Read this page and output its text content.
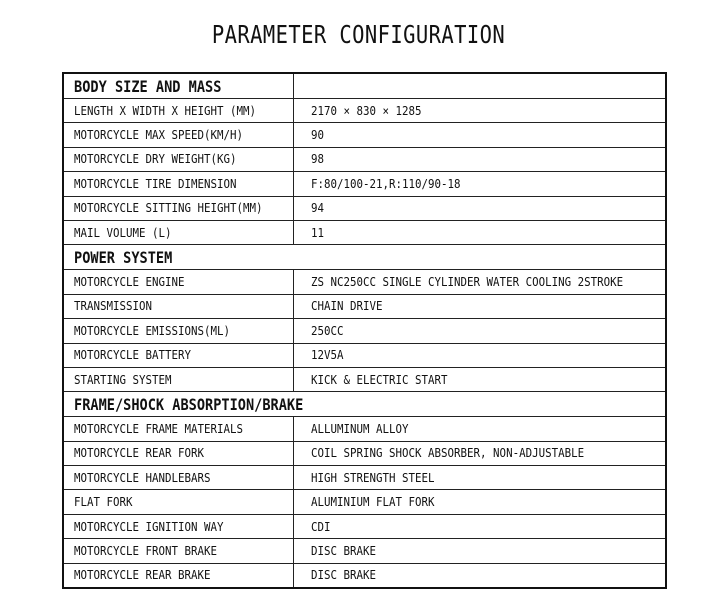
PARAMETER CONFIGURATION
BODY SIZE AND MASS	
LENGTH X WIDTH X HEIGHT (MM)	2170 × 830 × 1285
MOTORCYCLE MAX SPEED(KM/H)	90
MOTORCYCLE DRY WEIGHT(KG)	98
MOTORCYCLE TIRE DIMENSION	F:80/100-21,R:110/90-18
MOTORCYCLE SITTING HEIGHT(MM)	94
MAIL VOLUME (L)	11
POWER SYSTEM	
MOTORCYCLE ENGINE	ZS NC250CC SINGLE CYLINDER WATER COOLING 2STROKE
TRANSMISSION	CHAIN DRIVE
MOTORCYCLE EMISSIONS(ML)	250CC
MOTORCYCLE BATTERY	12V5A
STARTING SYSTEM	KICK & ELECTRIC START
FRAME/SHOCK ABSORPTION/BRAKE	
MOTORCYCLE FRAME MATERIALS	ALLUMINUM ALLOY
MOTORCYCLE REAR FORK	COIL SPRING SHOCK ABSORBER, NON-ADJUSTABLE
MOTORCYCLE HANDLEBARS	HIGH STRENGTH STEEL
FLAT FORK	ALUMINIUM FLAT FORK
MOTORCYCLE IGNITION WAY	CDI
MOTORCYCLE FRONT BRAKE	DISC BRAKE
MOTORCYCLE REAR BRAKE	DISC BRAKE
